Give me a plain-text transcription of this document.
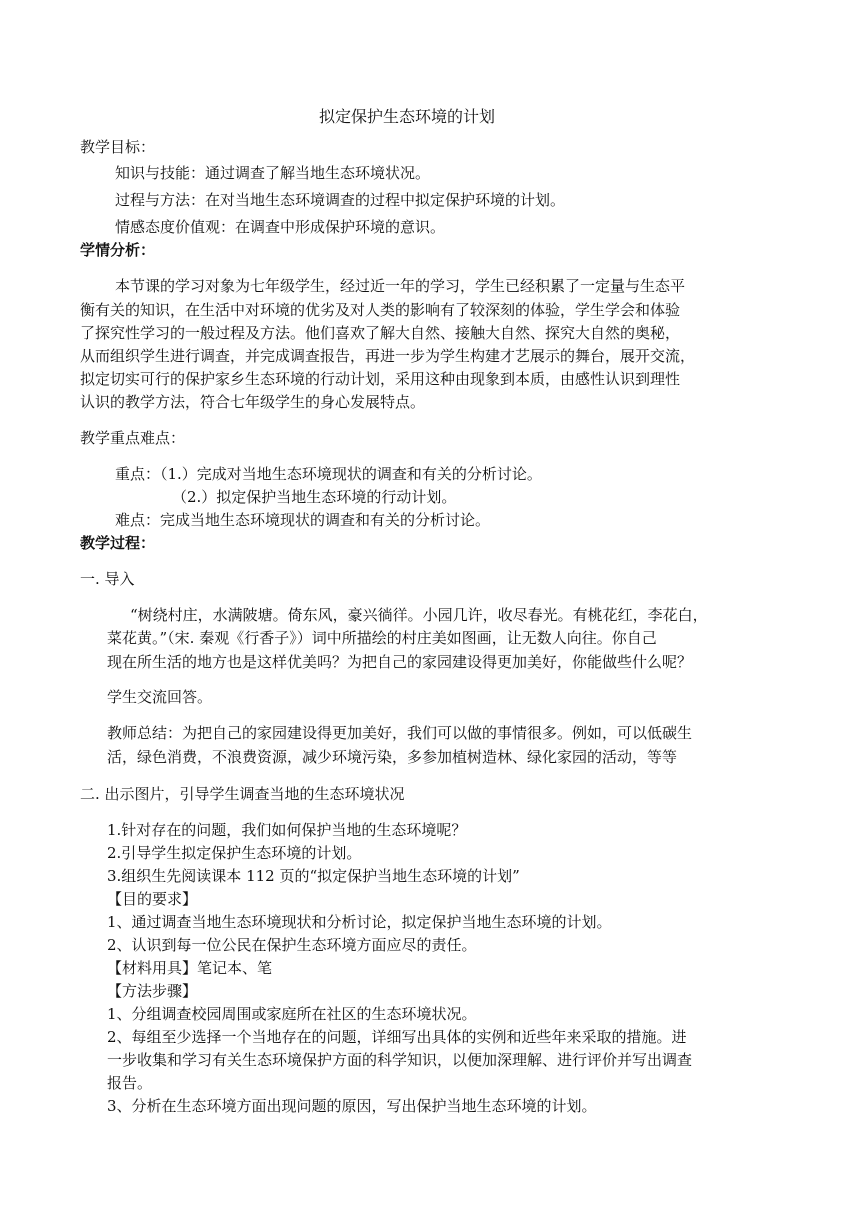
拟定保护生态环境的计划
教学目标：
知识与技能：通过调查了解当地生态环境状况。
过程与方法：在对当地生态环境调查的过程中拟定保护环境的计划。
情感态度价值观：在调查中形成保护环境的意识。
学情分析：
本节课的学习对象为七年级学生，经过近一年的学习，学生已经积累了一定量与生态平
衡有关的知识，在生活中对环境的优劣及对人类的影响有了较深刻的体验，学生学会和体验
了探究性学习的一般过程及方法。他们喜欢了解大自然、接触大自然、探究大自然的奥秘，
从而组织学生进行调查，并完成调查报告，再进一步为学生构建才艺展示的舞台，展开交流，
拟定切实可行的保护家乡生态环境的行动计划，采用这种由现象到本质，由感性认识到理性
认识的教学方法，符合七年级学生的身心发展特点。
教学重点难点：
重点：（1.）完成对当地生态环境现状的调查和有关的分析讨论。
（2.）拟定保护当地生态环境的行动计划。
难点：完成当地生态环境现状的调查和有关的分析讨论。
教学过程：
一. 导入
“树绕村庄，水满陂塘。倚东风，豪兴徜徉。小园几许，收尽春光。有桃花红，李花白，
菜花黄。”（宋. 秦观《行香子》）词中所描绘的村庄美如图画，让无数人向往。你自己
现在所生活的地方也是这样优美吗？为把自己的家园建设得更加美好，你能做些什么呢？
学生交流回答。
教师总结：为把自己的家园建设得更加美好，我们可以做的事情很多。例如，可以低碳生
活，绿色消费，不浪费资源，减少环境污染，多参加植树造林、绿化家园的活动，等等
二. 出示图片，引导学生调查当地的生态环境状况
1.针对存在的问题，我们如何保护当地的生态环境呢？
2.引导学生拟定保护生态环境的计划。
3.组织生先阅读课本 112 页的“拟定保护当地生态环境的计划”
【目的要求】
1、通过调查当地生态环境现状和分析讨论，拟定保护当地生态环境的计划。
2、认识到每一位公民在保护生态环境方面应尽的责任。
【材料用具】笔记本、笔
【方法步骤】
1、分组调查校园周围或家庭所在社区的生态环境状况。
2、每组至少选择一个当地存在的问题，详细写出具体的实例和近些年来采取的措施。进
一步收集和学习有关生态环境保护方面的科学知识，以便加深理解、进行评价并写出调查
报告。
3、分析在生态环境方面出现问题的原因，写出保护当地生态环境的计划。
